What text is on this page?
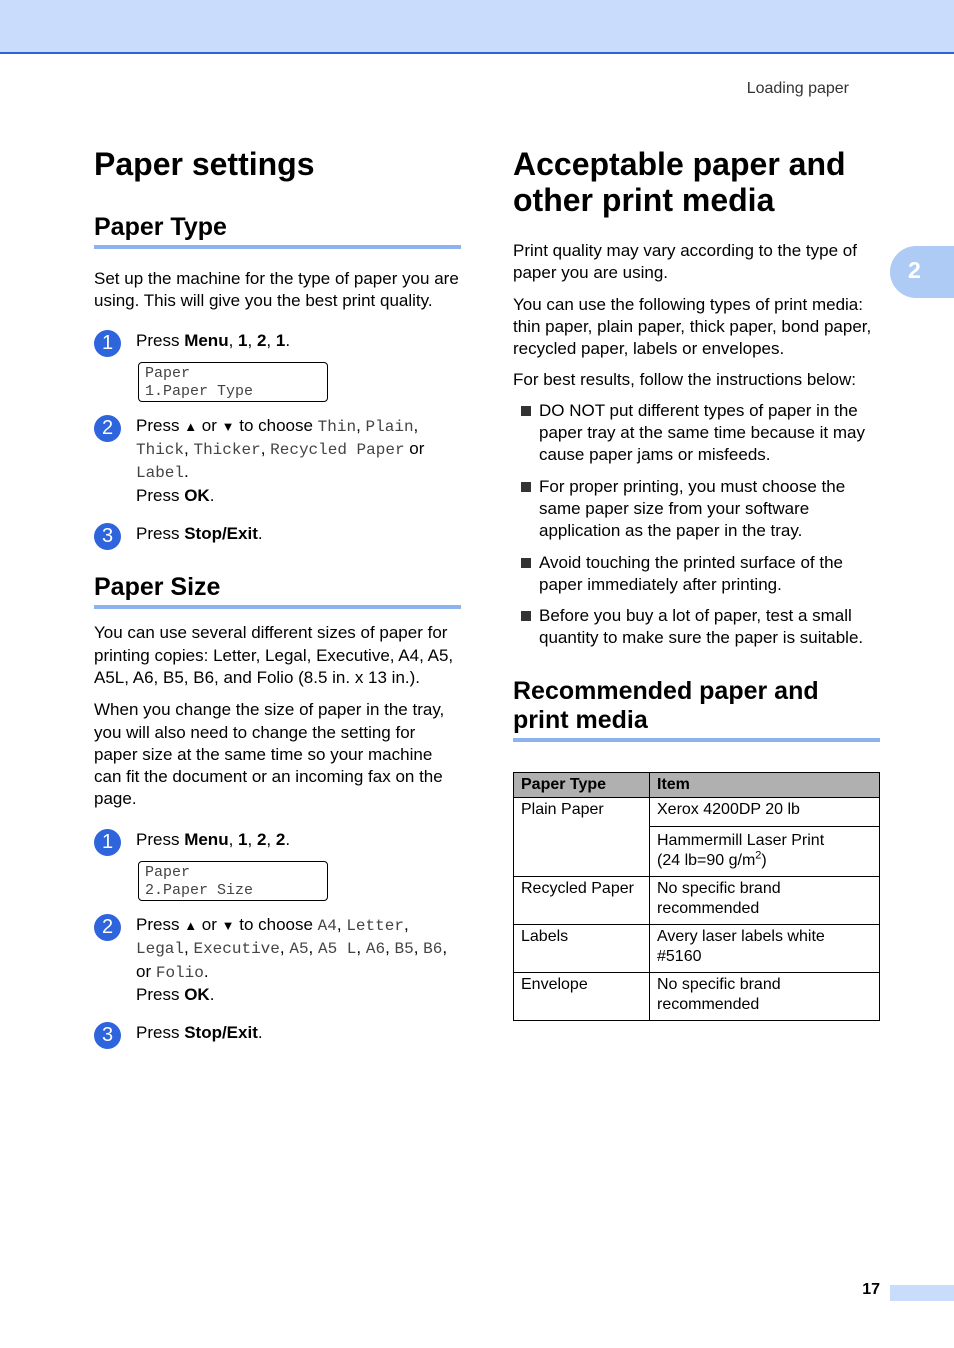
Loading paper
2
Paper settings
Paper Type

Set up the machine for the type of paper you are using. This will give you the best print quality.

1	Press Menu, 1, 2, 1.
Paper
1.Paper Type
2	Press ▲ or ▼ to choose Thin, Plain, Thick, Thicker, Recycled Paper or Label.
Press OK.
3	Press Stop/Exit.
Paper Size

You can use several different sizes of paper for printing copies: Letter, Legal, Executive, A4, A5, A5L, A6, B5, B6, and Folio (8.5 in. x 13 in.).

When you change the size of paper in the tray, you will also need to change the setting for paper size at the same time so your machine can fit the document or an incoming fax on the page.

1	Press Menu, 1, 2, 2.
Paper
2.Paper Size
2	Press ▲ or ▼ to choose A4, Letter, Legal, Executive, A5, A5 L, A6, B5, B6, or Folio.
Press OK.
3	Press Stop/Exit.
Acceptable paper and
other print media

Print quality may vary according to the type of paper you are using.

You can use the following types of print media: thin paper, plain paper, thick paper, bond paper, recycled paper, labels or envelopes.

For best results, follow the instructions below:

DO NOT put different types of paper in the paper tray at the same time because it may cause paper jams or misfeeds.
For proper printing, you must choose the same paper size from your software application as the paper in the tray.
Avoid touching the printed surface of the paper immediately after printing.
Before you buy a lot of paper, test a small quantity to make sure the paper is suitable.
Recommended paper and
print media
Paper Type	Item
Plain Paper	Xerox 4200DP 20 lb
	Hammermill Laser Print
(24 lb=90 $g/m^2$)
Recycled Paper	No specific brand recommended
Labels	Avery laser labels white #5160
Envelope	No specific brand recommended
17
